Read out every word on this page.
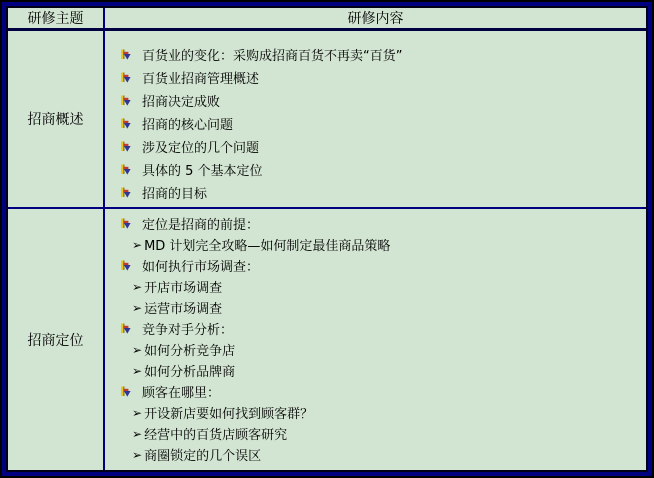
研修主题	研修内容
招商概述
百货业的变化：采购成招商百货不再卖“百货”
百货业招商管理概述
招商决定成败
招商的核心问题
涉及定位的几个问题
具体的 5 个基本定位
招商的目标
招商定位
定位是招商的前提：
➢ MD 计划完全攻略—如何制定最佳商品策略
如何执行市场调查：
➢ 开店市场调查
➢ 运营市场调查
竞争对手分析：
➢ 如何分析竞争店
➢ 如何分析品牌商
顾客在哪里：
➢ 开设新店要如何找到顾客群？
➢ 经营中的百货店顾客研究
➢ 商圈锁定的几个误区
